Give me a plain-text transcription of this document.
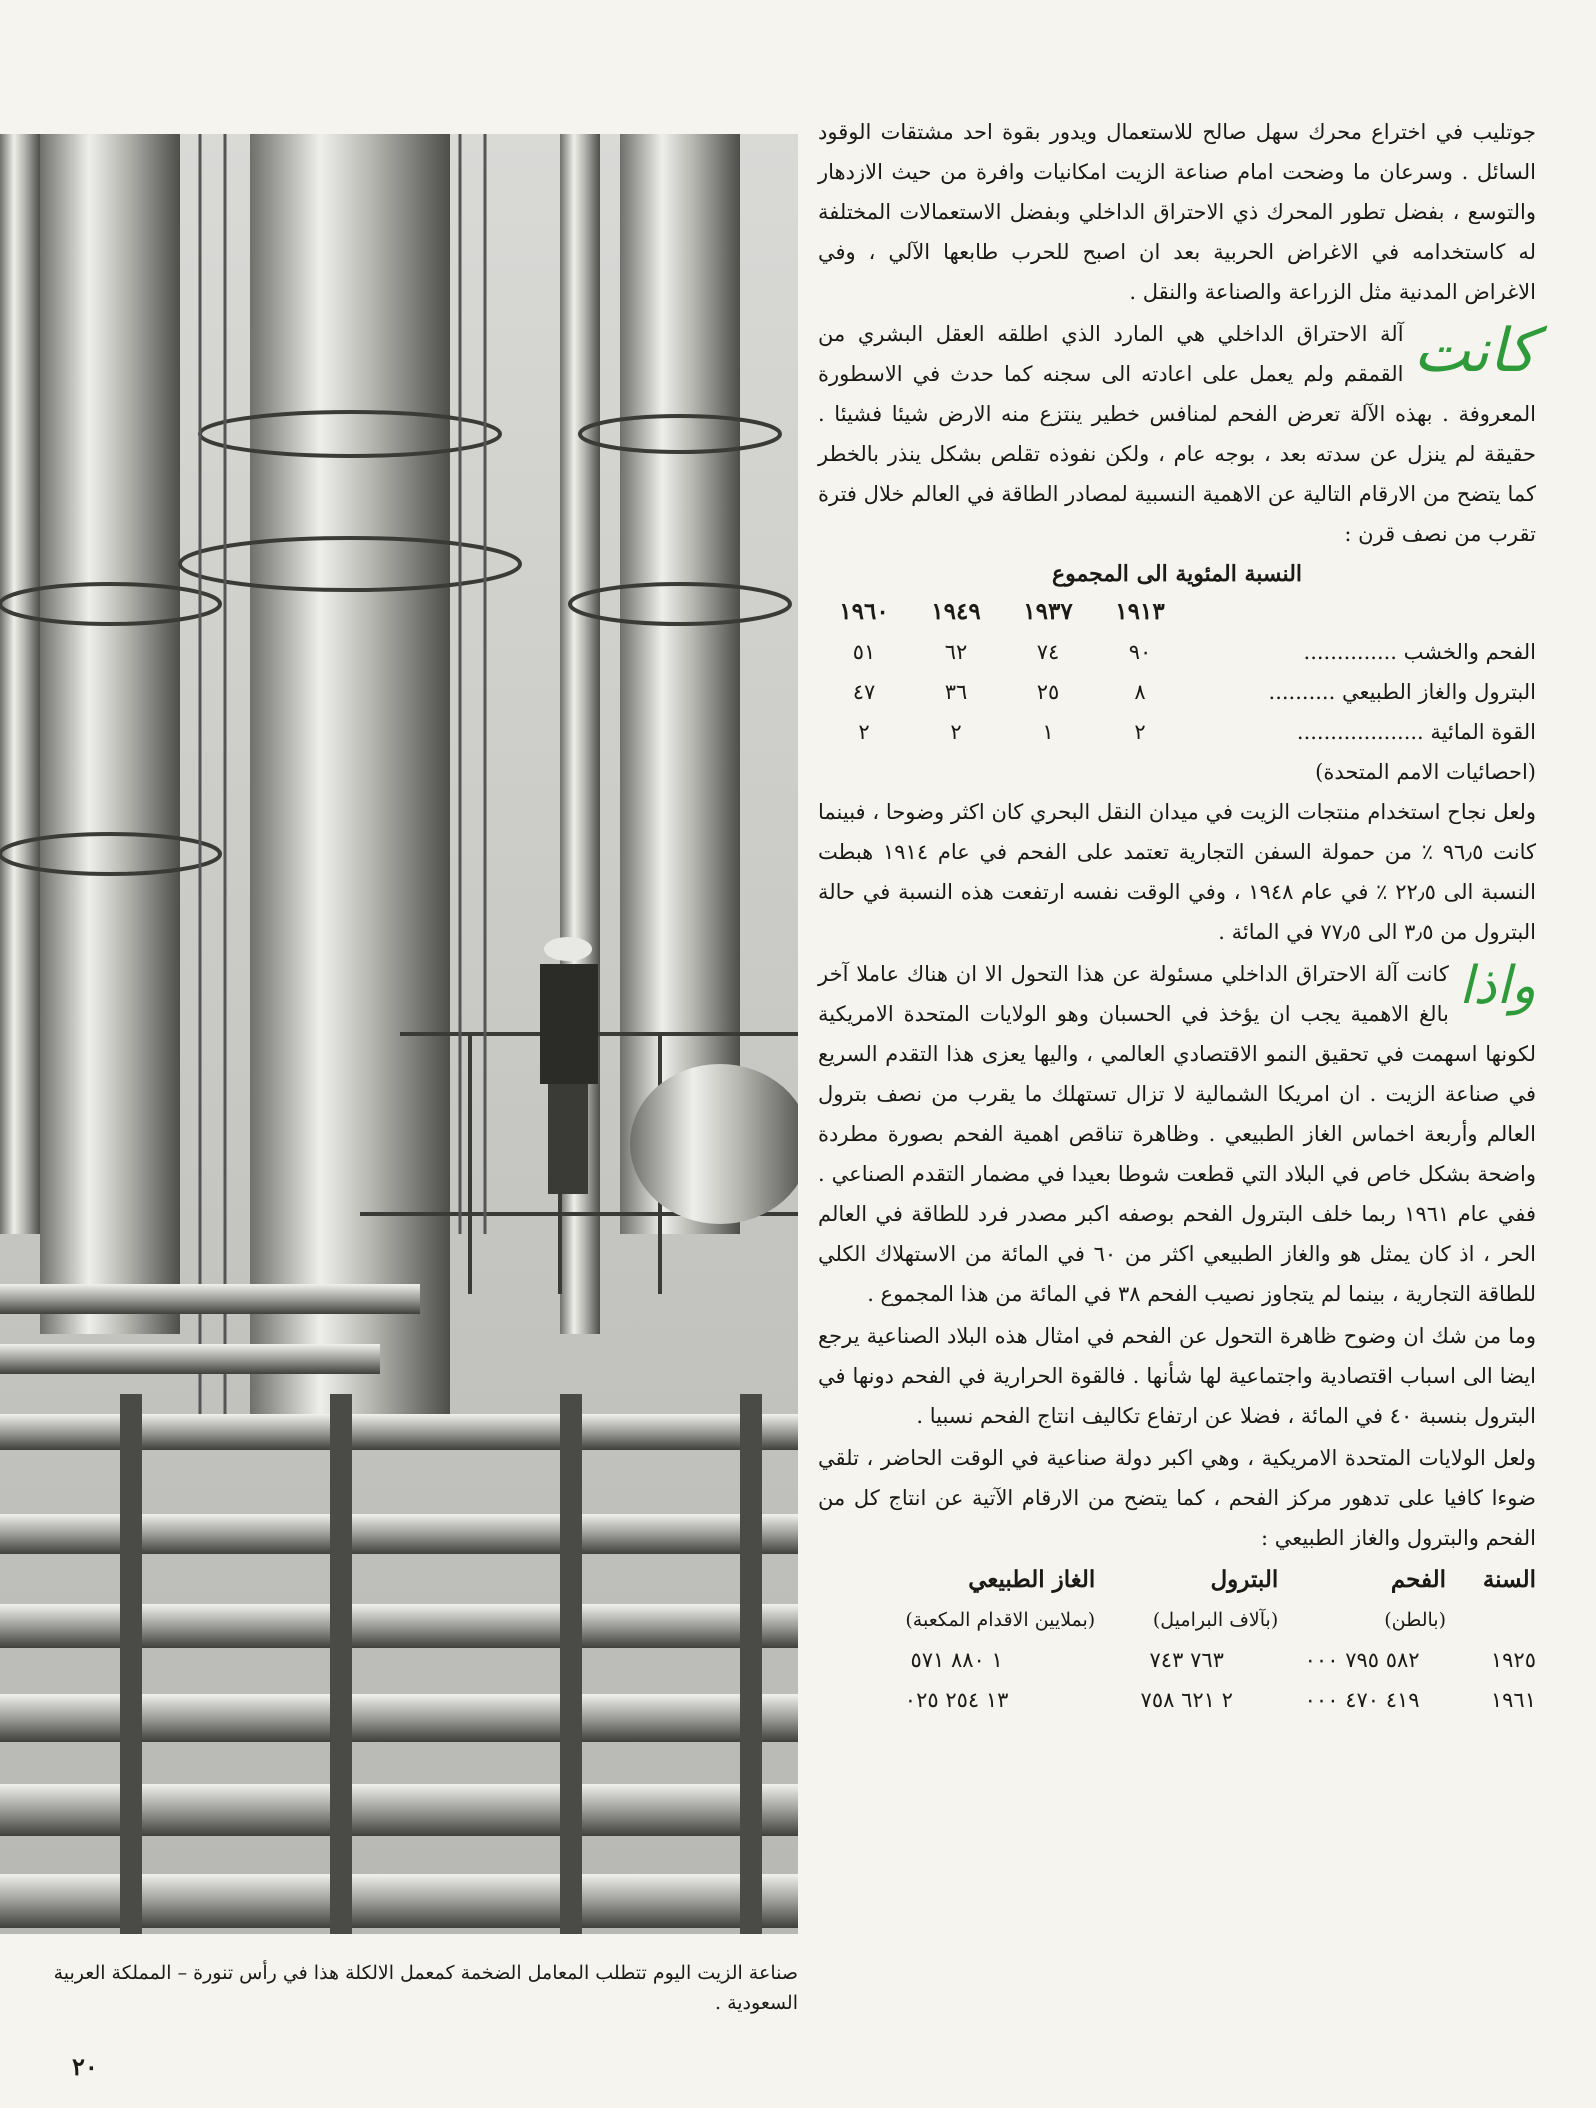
صناعة الزيت اليوم تتطلب المعامل الضخمة كمعمل الالكلة هذا في رأس تنورة – المملكة العربية السعودية .
٢٠

جوتليب في اختراع محرك سهل صالح للاستعمال ويدور بقوة احد مشتقات الوقود السائل . وسرعان ما وضحت امام صناعة الزيت امكانيات وافرة من حيث الازدهار والتوسع ، بفضل تطور المحرك ذي الاحتراق الداخلي وبفضل الاستعمالات المختلفة له كاستخدامه في الاغراض الحربية بعد ان اصبح للحرب طابعها الآلي ، وفي الاغراض المدنية مثل الزراعة والصناعة والنقل .

كانت
آلة الاحتراق الداخلي هي المارد الذي اطلقه العقل البشري من القمقم ولم يعمل على اعادته الى سجنه كما حدث في الاسطورة المعروفة . بهذه الآلة تعرض الفحم لمنافس خطير ينتزع منه الارض شيئا فشيئا . حقيقة لم ينزل عن سدته بعد ، بوجه عام ، ولكن نفوذه تقلص بشكل ينذر بالخطر كما يتضح من الارقام التالية عن الاهمية النسبية لمصادر الطاقة في العالم خلال فترة تقرب من نصف قرن :

النسبة المئوية الى المجموع
	١٩١٣	١٩٣٧	١٩٤٩	١٩٦٠
الفحم والخشب ..............	٩٠	٧٤	٦٢	٥١
البترول والغاز الطبيعي ..........	٨	٢٥	٣٦	٤٧
القوة المائية ...................	٢	١	٢	٢
(احصائيات الامم المتحدة)

ولعل نجاح استخدام منتجات الزيت في ميدان النقل البحري كان اكثر وضوحا ، فبينما كانت ٩٦٫٥ ٪ من حمولة السفن التجارية تعتمد على الفحم في عام ١٩١٤ هبطت النسبة الى ٢٢٫٥ ٪ في عام ١٩٤٨ ، وفي الوقت نفسه ارتفعت هذه النسبة في حالة البترول من ٣٫٥ الى ٧٧٫٥ في المائة .

واذا
كانت آلة الاحتراق الداخلي مسئولة عن هذا التحول الا ان هناك عاملا آخر بالغ الاهمية يجب ان يؤخذ في الحسبان وهو الولايات المتحدة الامريكية لكونها اسهمت في تحقيق النمو الاقتصادي العالمي ، واليها يعزى هذا التقدم السريع في صناعة الزيت . ان امريكا الشمالية لا تزال تستهلك ما يقرب من نصف بترول العالم وأربعة اخماس الغاز الطبيعي . وظاهرة تناقص اهمية الفحم بصورة مطردة واضحة بشكل خاص في البلاد التي قطعت شوطا بعيدا في مضمار التقدم الصناعي . ففي عام ١٩٦١ ربما خلف البترول الفحم بوصفه اكبر مصدر فرد للطاقة في العالم الحر ، اذ كان يمثل هو والغاز الطبيعي اكثر من ٦٠ في المائة من الاستهلاك الكلي للطاقة التجارية ، بينما لم يتجاوز نصيب الفحم ٣٨ في المائة من هذا المجموع .

وما من شك ان وضوح ظاهرة التحول عن الفحم في امثال هذه البلاد الصناعية يرجع ايضا الى اسباب اقتصادية واجتماعية لها شأنها . فالقوة الحرارية في الفحم دونها في البترول بنسبة ٤٠ في المائة ، فضلا عن ارتفاع تكاليف انتاج الفحم نسبيا .

ولعل الولايات المتحدة الامريكية ، وهي اكبر دولة صناعية في الوقت الحاضر ، تلقي ضوءا كافيا على تدهور مركز الفحم ، كما يتضح من الارقام الآتية عن انتاج كل من الفحم والبترول والغاز الطبيعي :

السنة	الفحم	البترول	الغاز الطبيعي
	(بالطن)	(بآلاف البراميل)	(بملايين الاقدام المكعبة)
١٩٢٥	٥٨٢ ٧٩٥ ٠٠٠	٧٦٣ ٧٤٣	١ ٨٨٠ ٥٧١
١٩٦١	٤١٩ ٤٧٠ ٠٠٠	٢ ٦٢١ ٧٥٨	١٣ ٢٥٤ ٠٢٥
